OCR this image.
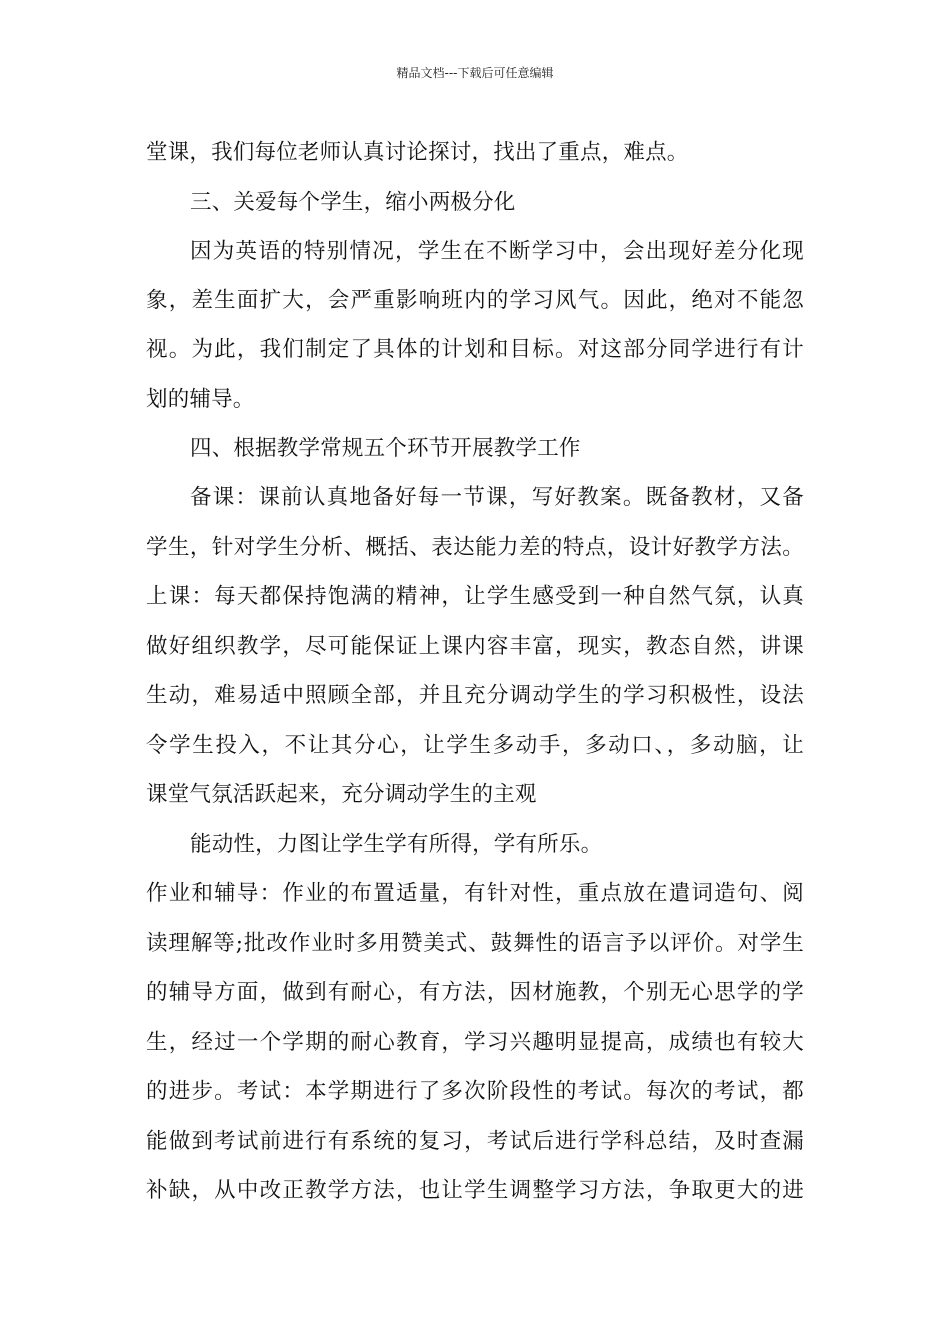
精品文档---下载后可任意编辑
堂课，我们每位老师认真讨论探讨，找出了重点，难点。
三、关爱每个学生，缩小两极分化
因为英语的特别情况，学生在不断学习中，会出现好差分化现
象，差生面扩大，会严重影响班内的学习风气。因此，绝对不能忽
视。为此，我们制定了具体的计划和目标。对这部分同学进行有计
划的辅导。
四、根据教学常规五个环节开展教学工作
备课：课前认真地备好每一节课，写好教案。既备教材，又备
学生，针对学生分析、概括、表达能力差的特点，设计好教学方法。
上课：每天都保持饱满的精神，让学生感受到一种自然气氛，认真
做好组织教学，尽可能保证上课内容丰富，现实，教态自然，讲课
生动，难易适中照顾全部，并且充分调动学生的学习积极性，设法
令学生投入，不让其分心，让学生多动手，多动口、，多动脑，让
课堂气氛活跃起来，充分调动学生的主观
能动性，力图让学生学有所得，学有所乐。
作业和辅导：作业的布置适量，有针对性，重点放在遣词造句、阅
读理解等;批改作业时多用赞美式、鼓舞性的语言予以评价。对学生
的辅导方面，做到有耐心，有方法，因材施教，个别无心思学的学
生，经过一个学期的耐心教育，学习兴趣明显提高，成绩也有较大
的进步。考试：本学期进行了多次阶段性的考试。每次的考试，都
能做到考试前进行有系统的复习，考试后进行学科总结，及时查漏
补缺，从中改正教学方法，也让学生调整学习方法，争取更大的进
